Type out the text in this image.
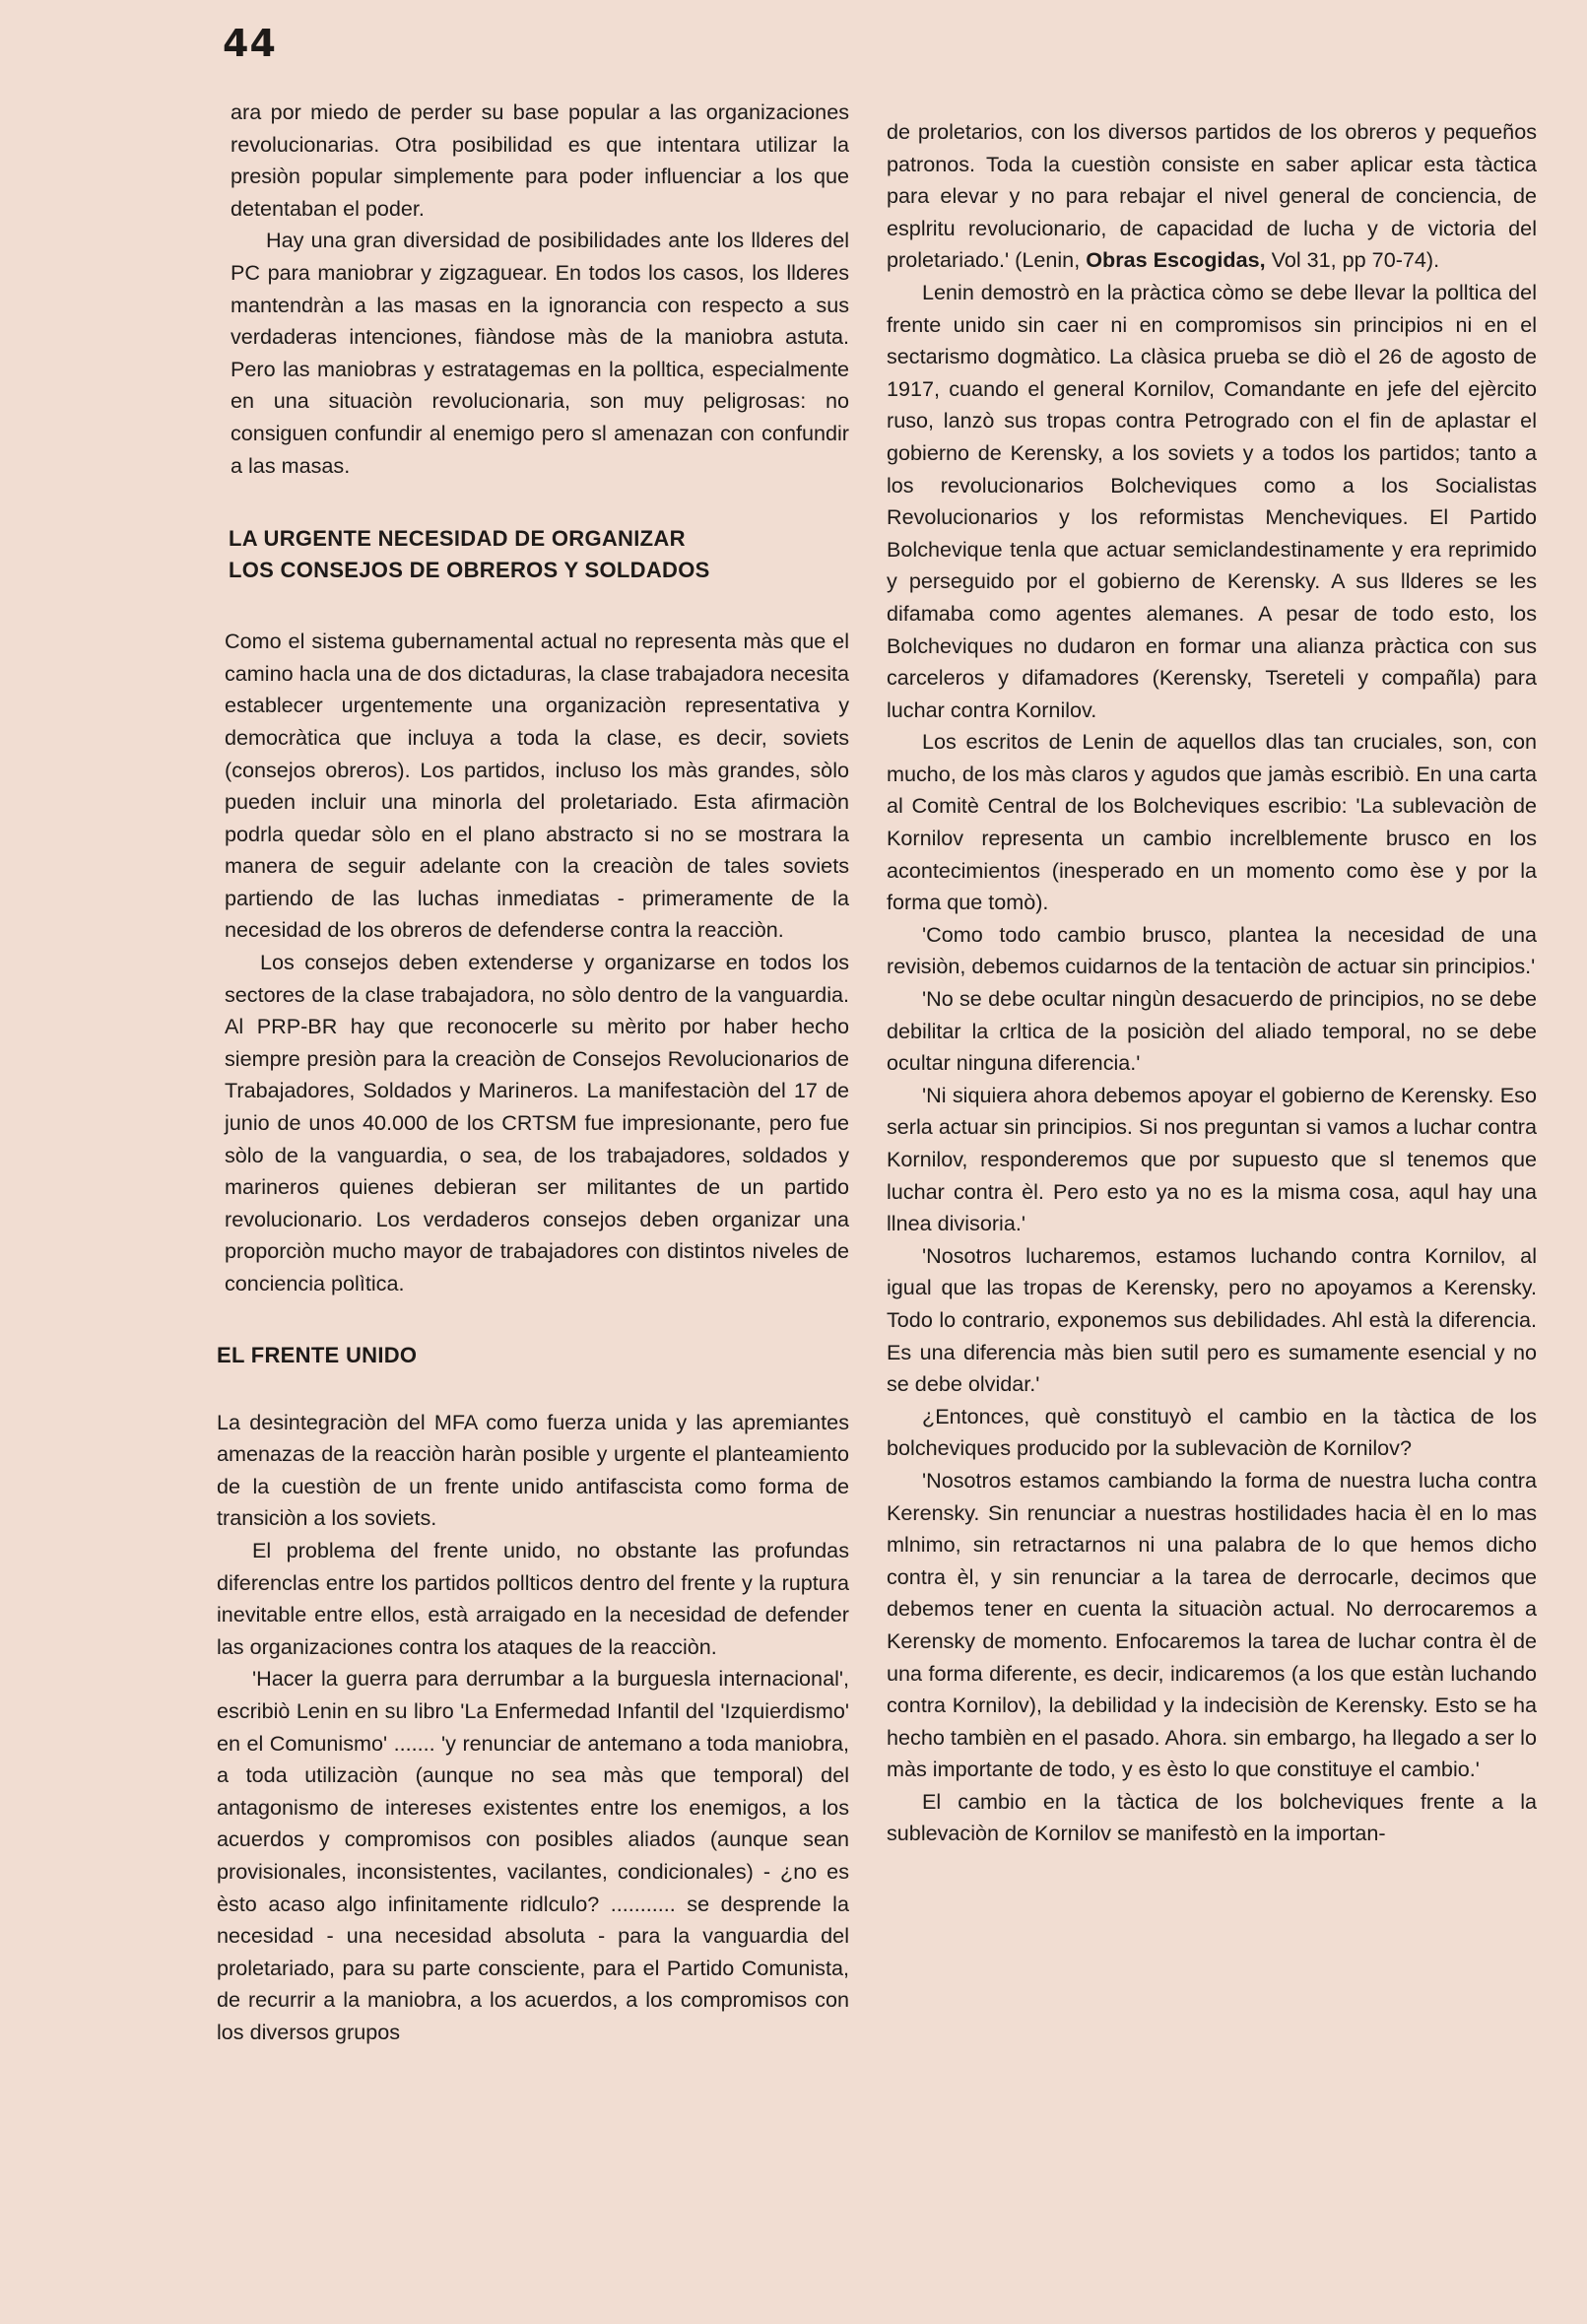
44

ara por miedo de perder su base popular a las organizaciones revolucionarias. Otra posibilidad es que intentara utilizar la presiòn popular simplemente para poder influenciar a los que detentaban el poder.

Hay una gran diversidad de posibilidades ante los llderes del PC para maniobrar y zigzaguear. En todos los casos, los llderes mantendràn a las masas en la ignorancia con respecto a sus verdaderas intenciones, fiàndose màs de la maniobra astuta. Pero las maniobras y estratagemas en la polltica, especialmente en una situaciòn revolucionaria, son muy peligrosas: no consiguen confundir al enemigo pero sl amenazan con confundir a las masas.

LA URGENTE NECESIDAD DE ORGANIZAR
LOS CONSEJOS DE OBREROS Y SOLDADOS

Como el sistema gubernamental actual no representa màs que el camino hacla una de dos dictaduras, la clase trabajadora necesita establecer urgentemente una organizaciòn representativa y democràtica que incluya a toda la clase, es decir, soviets (consejos obreros). Los partidos, incluso los màs grandes, sòlo pueden incluir una minorla del proletariado. Esta afirmaciòn podrla quedar sòlo en el plano abstracto si no se mostrara la manera de seguir adelante con la creaciòn de tales soviets partiendo de las luchas inmediatas - primeramente de la necesidad de los obreros de defenderse contra la reacciòn.

Los consejos deben extenderse y organizarse en todos los sectores de la clase trabajadora, no sòlo dentro de la vanguardia. Al PRP-BR hay que reconocerle su mèrito por haber hecho siempre presiòn para la creaciòn de Consejos Revolucionarios de Trabajadores, Soldados y Marineros. La manifestaciòn del 17 de junio de unos 40.000 de los CRTSM fue impresionante, pero fue sòlo de la vanguardia, o sea, de los trabajadores, soldados y marineros quienes debieran ser militantes de un partido revolucionario. Los verdaderos consejos deben organizar una proporciòn mucho mayor de trabajadores con distintos niveles de conciencia polìtica.

EL FRENTE UNIDO

La desintegraciòn del MFA como fuerza unida y las apremiantes amenazas de la reacciòn haràn posible y urgente el planteamiento de la cuestiòn de un frente unido antifascista como forma de transiciòn a los soviets.

El problema del frente unido, no obstante las profundas diferenclas entre los partidos pollticos dentro del frente y la ruptura inevitable entre ellos, està arraigado en la necesidad de defender las organizaciones contra los ataques de la reacciòn.

'Hacer la guerra para derrumbar a la burguesla internacional', escribiò Lenin en su libro 'La Enfermedad Infantil del 'Izquierdismo' en el Comunismo' ....... 'y renunciar de antemano a toda maniobra, a toda utilizaciòn (aunque no sea màs que temporal) del antagonismo de intereses existentes entre los enemigos, a los acuerdos y compromisos con posibles aliados (aunque sean provisionales, inconsistentes, vacilantes, condicionales) - ¿no es èsto acaso algo infinitamente ridlculo? ........... se desprende la necesidad - una necesidad absoluta - para la vanguardia del proletariado, para su parte consciente, para el Partido Comunista, de recurrir a la maniobra, a los acuerdos, a los compromisos con los diversos grupos

de proletarios, con los diversos partidos de los obreros y pequeños patronos. Toda la cuestiòn consiste en saber aplicar esta tàctica para elevar y no para rebajar el nivel general de conciencia, de esplritu revolucionario, de capacidad de lucha y de victoria del proletariado.' (Lenin, Obras Escogidas, Vol 31, pp 70-74).

Lenin demostrò en la pràctica còmo se debe llevar la polltica del frente unido sin caer ni en compromisos sin principios ni en el sectarismo dogmàtico. La clàsica prueba se diò el 26 de agosto de 1917, cuando el general Kornilov, Comandante en jefe del ejèrcito ruso, lanzò sus tropas contra Petrogrado con el fin de aplastar el gobierno de Kerensky, a los soviets y a todos los partidos; tanto a los revolucionarios Bolcheviques como a los Socialistas Revolucionarios y los reformistas Mencheviques. El Partido Bolchevique tenla que actuar semiclandestinamente y era reprimido y perseguido por el gobierno de Kerensky. A sus llderes se les difamaba como agentes alemanes. A pesar de todo esto, los Bolcheviques no dudaron en formar una alianza pràctica con sus carceleros y difamadores (Kerensky, Tsereteli y compañla) para luchar contra Kornilov.

Los escritos de Lenin de aquellos dlas tan cruciales, son, con mucho, de los màs claros y agudos que jamàs escribiò. En una carta al Comitè Central de los Bolcheviques escribio: 'La sublevaciòn de Kornilov representa un cambio increlblemente brusco en los acontecimientos (inesperado en un momento como èse y por la forma que tomò).

'Como todo cambio brusco, plantea la necesidad de una revisiòn, debemos cuidarnos de la tentaciòn de actuar sin principios.'

'No se debe ocultar ningùn desacuerdo de principios, no se debe debilitar la crltica de la posiciòn del aliado temporal, no se debe ocultar ninguna diferencia.'

'Ni siquiera ahora debemos apoyar el gobierno de Kerensky. Eso serla actuar sin principios. Si nos preguntan si vamos a luchar contra Kornilov, responderemos que por supuesto que sl tenemos que luchar contra èl. Pero esto ya no es la misma cosa, aqul hay una llnea divisoria.'

'Nosotros lucharemos, estamos luchando contra Kornilov, al igual que las tropas de Kerensky, pero no apoyamos a Kerensky. Todo lo contrario, exponemos sus debilidades. Ahl està la diferencia. Es una diferencia màs bien sutil pero es sumamente esencial y no se debe olvidar.'

¿Entonces, què constituyò el cambio en la tàctica de los bolcheviques producido por la sublevaciòn de Kornilov?

'Nosotros estamos cambiando la forma de nuestra lucha contra Kerensky. Sin renunciar a nuestras hostilidades hacia èl en lo mas mlnimo, sin retractarnos ni una palabra de lo que hemos dicho contra èl, y sin renunciar a la tarea de derrocarle, decimos que debemos tener en cuenta la situaciòn actual. No derrocaremos a Kerensky de momento. Enfocaremos la tarea de luchar contra èl de una forma diferente, es decir, indicaremos (a los que estàn luchando contra Kornilov), la debilidad y la indecisiòn de Kerensky. Esto se ha hecho tambièn en el pasado. Ahora. sin embargo, ha llegado a ser lo màs importante de todo, y es èsto lo que constituye el cambio.'

El cambio en la tàctica de los bolcheviques frente a la sublevaciòn de Kornilov se manifestò en la importan-
